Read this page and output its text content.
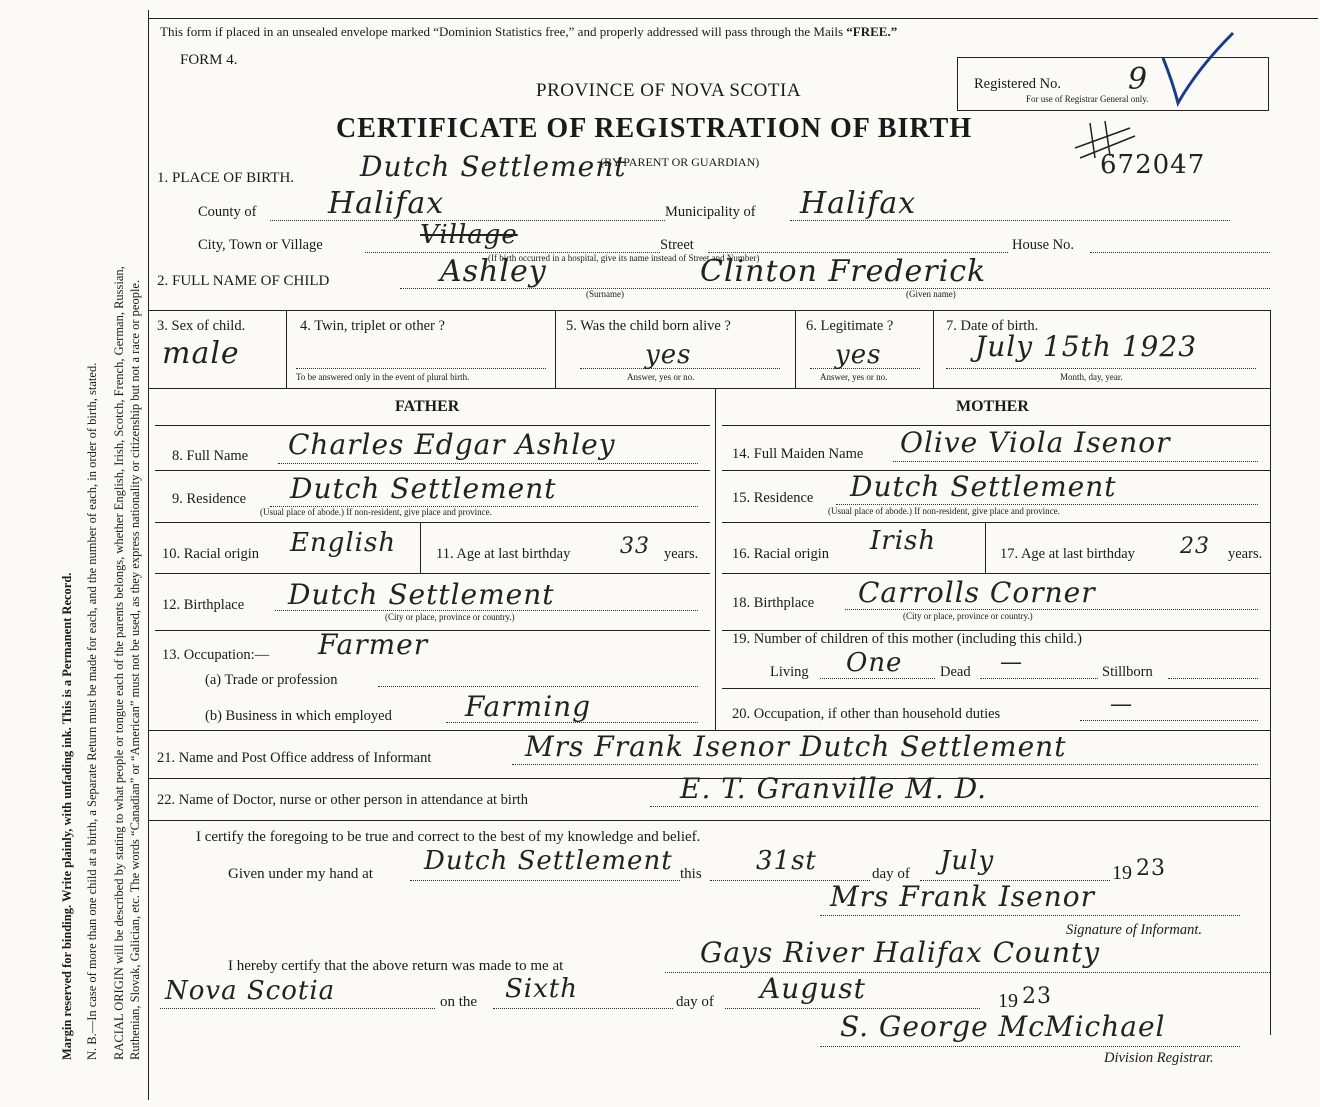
Margin reserved for binding. Write plainly, with unfading ink. This is a Permanent Record. N. B.—In case of more than one child at a birth, a Separate Return must be made for each, and the number of each, in order of birth, stated. RACIAL ORIGIN will be described by stating to what people or tongue each of the parents belongs, whether English, Irish, Scotch, French, German, Russian, Ruthenian, Slovak, Galician, etc. The words “Canadian” or “American” must not be used, as they express nationality or citizenship but not a race or people.
This form if placed in an unsealed envelope marked “Dominion Statistics free,” and properly addressed will pass through the Mails “FREE.”
FORM 4.
PROVINCE OF NOVA SCOTIA
CERTIFICATE OF REGISTRATION OF BIRTH
(BY PARENT OR GUARDIAN)
Registered No.
For use of Registrar General only.
9
672047
1. PLACE OF BIRTH. Dutch Settlement
County of Halifax	Municipality of Halifax
City, Town or Village	Village	Street
(If birth occurred in a hospital, give its name instead of Street and Number)
House No.
2. FULL NAME OF CHILD	Ashley
(Surname)
Clinton Frederick
(Given name)
3. Sex of child.
male
4. Twin, triplet or other ?
To be answered only in the event of plural birth.
5. Was the child born alive ?
yes
Answer, yes or no.
6. Legitimate ?
yes
Answer, yes or no.
7. Date of birth.
July 15th 1923
Month, day, year.
FATHER	MOTHER
8. Full Name Charles Edgar Ashley
9. Residence Dutch Settlement
(Usual place of abode.) If non-resident, give place and province.
10. Racial origin English	11. Age at last birthday 33 years.
12. Birthplace Dutch Settlement
(City or place, province or country.)
13. Occupation:— Farmer
(a) Trade or profession
(b) Business in which employed	Farming
14. Full Maiden Name Olive Viola Isenor
15. Residence Dutch Settlement
(Usual place of abode.) If non-resident, give place and province.
16. Racial origin Irish	17. Age at last birthday 23 years.
18. Birthplace Carrolls Corner
(City or place, province or country.)
19. Number of children of this mother (including this child.)
Living One	Dead —	Stillborn
20. Occupation, if other than household duties	—
21. Name and Post Office address of Informant	Mrs Frank Isenor Dutch Settlement
22. Name of Doctor, nurse or other person in attendance at birth	E. T. Granville M. D.
I certify the foregoing to be true and correct to the best of my knowledge and belief.
Given under my hand at Dutch Settlement this 31st	day of July	19 23
Mrs Frank Isenor
Signature of Informant.
I hereby certify that the above return was made to me at	Gays River Halifax County
Nova Scotia	on the Sixth	day of August	19 23
S. George McMichael
Division Registrar.
